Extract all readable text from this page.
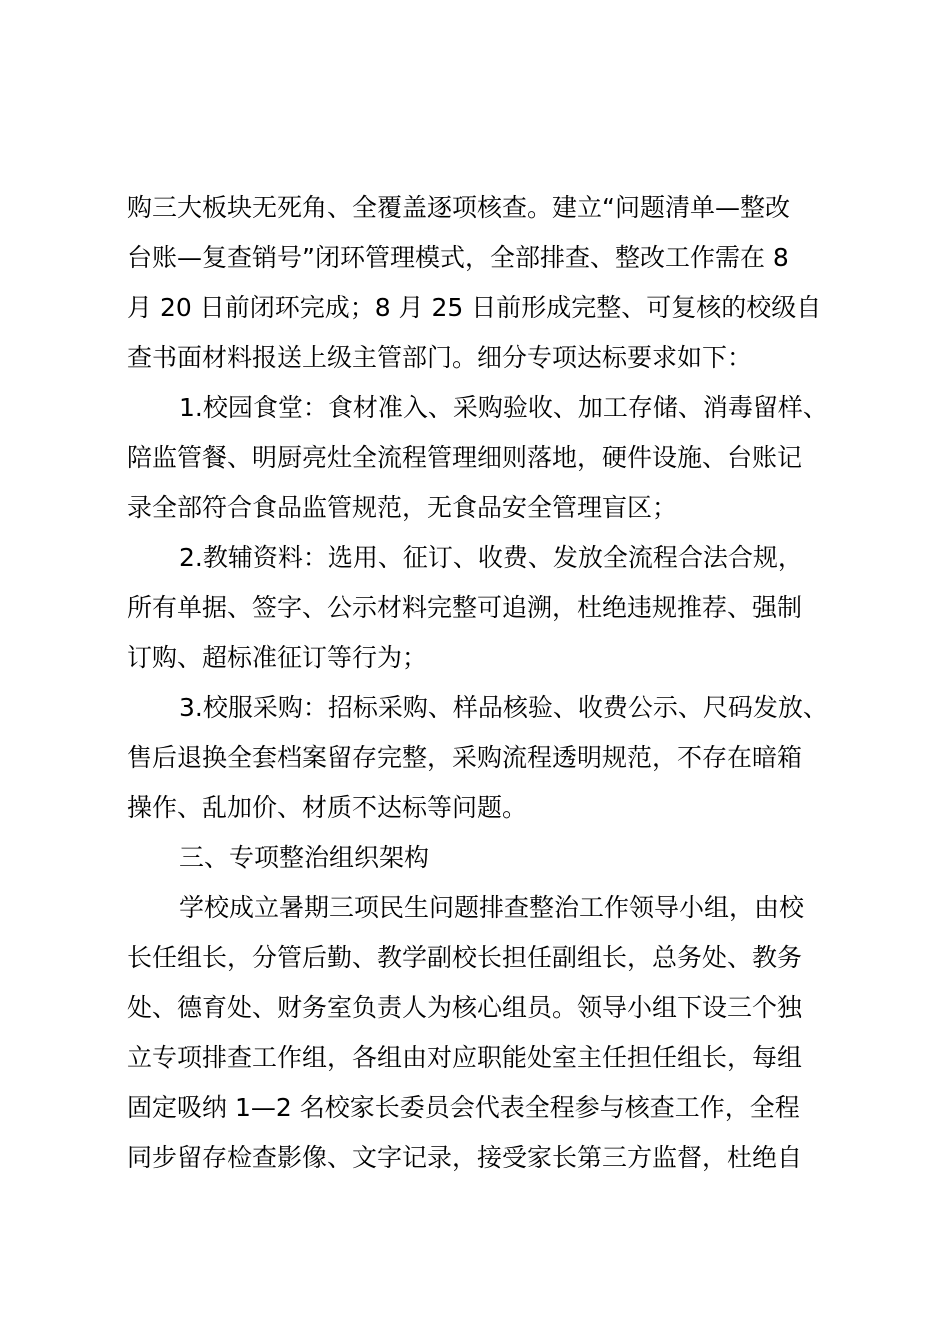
购三大板块无死角、全覆盖逐项核查。建立“问题清单—整改
台账—复查销号”闭环管理模式，全部排查、整改工作需在 8
月 20 日前闭环完成；8 月 25 日前形成完整、可复核的校级自
查书面材料报送上级主管部门。细分专项达标要求如下：
1.校园食堂：食材准入、采购验收、加工存储、消毒留样、
陪监管餐、明厨亮灶全流程管理细则落地，硬件设施、台账记
录全部符合食品监管规范，无食品安全管理盲区；
2.教辅资料：选用、征订、收费、发放全流程合法合规，
所有单据、签字、公示材料完整可追溯，杜绝违规推荐、强制
订购、超标准征订等行为；
3.校服采购：招标采购、样品核验、收费公示、尺码发放、
售后退换全套档案留存完整，采购流程透明规范，不存在暗箱
操作、乱加价、材质不达标等问题。
三、专项整治组织架构
学校成立暑期三项民生问题排查整治工作领导小组，由校
长任组长，分管后勤、教学副校长担任副组长，总务处、教务
处、德育处、财务室负责人为核心组员。领导小组下设三个独
立专项排查工作组，各组由对应职能处室主任担任组长，每组
固定吸纳 1—2 名校家长委员会代表全程参与核查工作，全程
同步留存检查影像、文字记录，接受家长第三方监督，杜绝自
